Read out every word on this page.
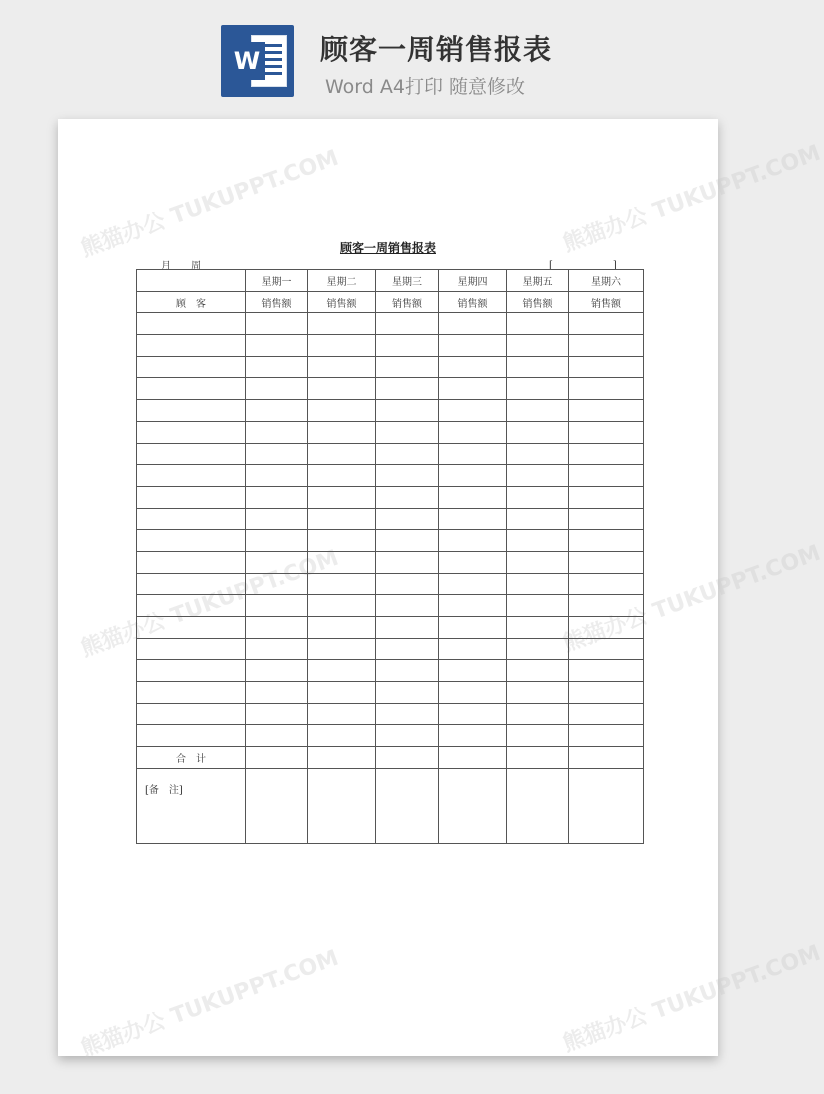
W 顾客一周销售报表
Word A4打印 随意修改
熊猫办公 TUKUPPT.COM	熊猫办公 TUKUPPT.COM
熊猫办公 TUKUPPT.COM	熊猫办公 TUKUPPT.COM
熊猫办公 TUKUPPT.COM	熊猫办公 TUKUPPT.COM
顾客一周销售报表
月　　周	[　　　　　　]
	星期一	星期二	星期三	星期四	星期五	星期六
顾　客	销售额	销售额	销售额	销售额	销售额	销售额

合　计						
[备　注]						
